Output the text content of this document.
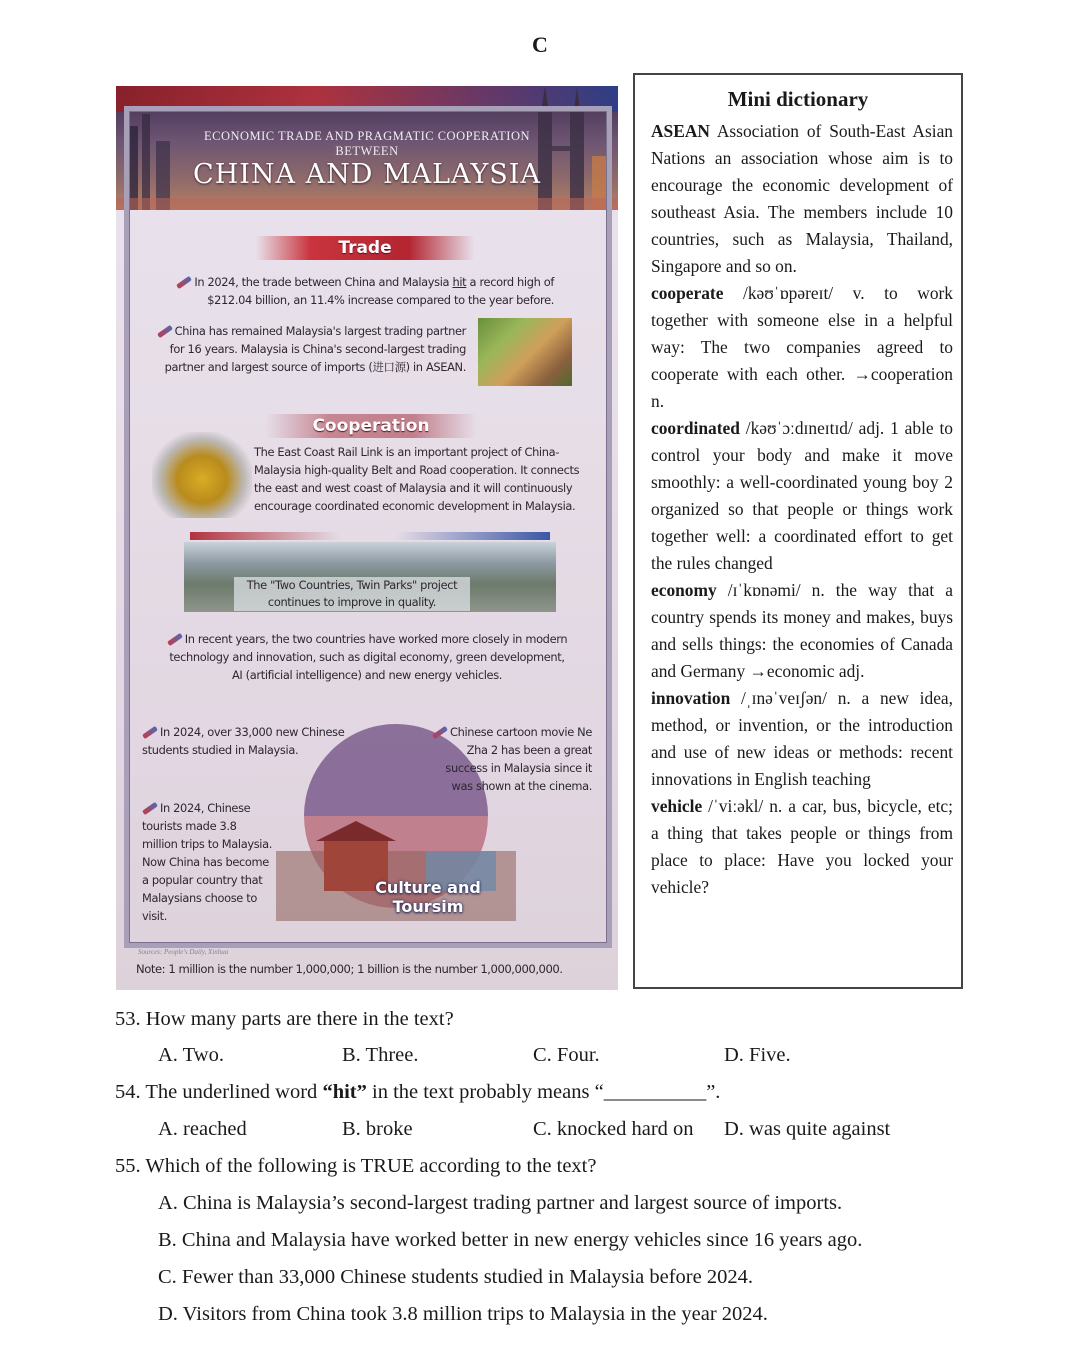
C
ECONOMIC TRADE AND PRAGMATIC COOPERATION
BETWEEN
CHINA AND MALAYSIA
Trade
In 2024, the trade between China and Malaysia hit a record high of $212.04 billion, an 11.4% increase compared to the year before.
China has remained Malaysia's largest trading partner for 16 years. Malaysia is China's second-largest trading partner and largest source of imports (进口源) in ASEAN.
Cooperation
The East Coast Rail Link is an important project of China-Malaysia high-quality Belt and Road cooperation. It connects the east and west coast of Malaysia and it will continuously encourage coordinated economic development in Malaysia.
The "Two Countries, Twin Parks" project continues to improve in quality.
In recent years, the two countries have worked more closely in modern technology and innovation, such as digital economy, green development, AI (artificial intelligence) and new energy vehicles.
In 2024, over 33,000 new Chinese students studied in Malaysia.
Chinese cartoon movie Ne Zha 2 has been a great success in Malaysia since it was shown at the cinema.
In 2024, Chinese tourists made 3.8 million trips to Malaysia. Now China has become a popular country that Malaysians choose to visit.
Culture and Toursim
Sources: People's Daily, Xinhua
Note: 1 million is the number 1,000,000; 1 billion is the number 1,000,000,000.
Mini dictionary

ASEAN Association of South-East Asian Nations an association whose aim is to encourage the economic development of southeast Asia. The members include 10 countries, such as Malaysia, Thailand, Singapore and so on.

cooperate /kəʊˈɒpəreɪt/ v. to work together with someone else in a helpful way: The two companies agreed to cooperate with each other. →cooperation n.

coordinated /kəʊˈɔːdɪneɪtɪd/ adj. 1 able to control your body and make it move smoothly: a well-coordinated young boy 2 organized so that people or things work together well: a coordinated effort to get the rules changed

economy /ɪˈkɒnəmi/ n. the way that a country spends its money and makes, buys and sells things: the economies of Canada and Germany →economic adj.

innovation /ˌɪnəˈveɪʃən/ n. a new idea, method, or invention, or the introduction and use of new ideas or methods: recent innovations in English teaching

vehicle /ˈviːəkl/ n. a car, bus, bicycle, etc; a thing that takes people or things from place to place: Have you locked your vehicle?

53. How many parts are there in the text?
A. Two.	B. Three.	C. Four.	D. Five.
54. The underlined word “hit” in the text probably means “__________”.
A. reached	B. broke	C. knocked hard on D. was quite against
55. Which of the following is TRUE according to the text?
A. China is Malaysia’s second-largest trading partner and largest source of imports.
B. China and Malaysia have worked better in new energy vehicles since 16 years ago.
C. Fewer than 33,000 Chinese students studied in Malaysia before 2024.
D. Visitors from China took 3.8 million trips to Malaysia in the year 2024.
